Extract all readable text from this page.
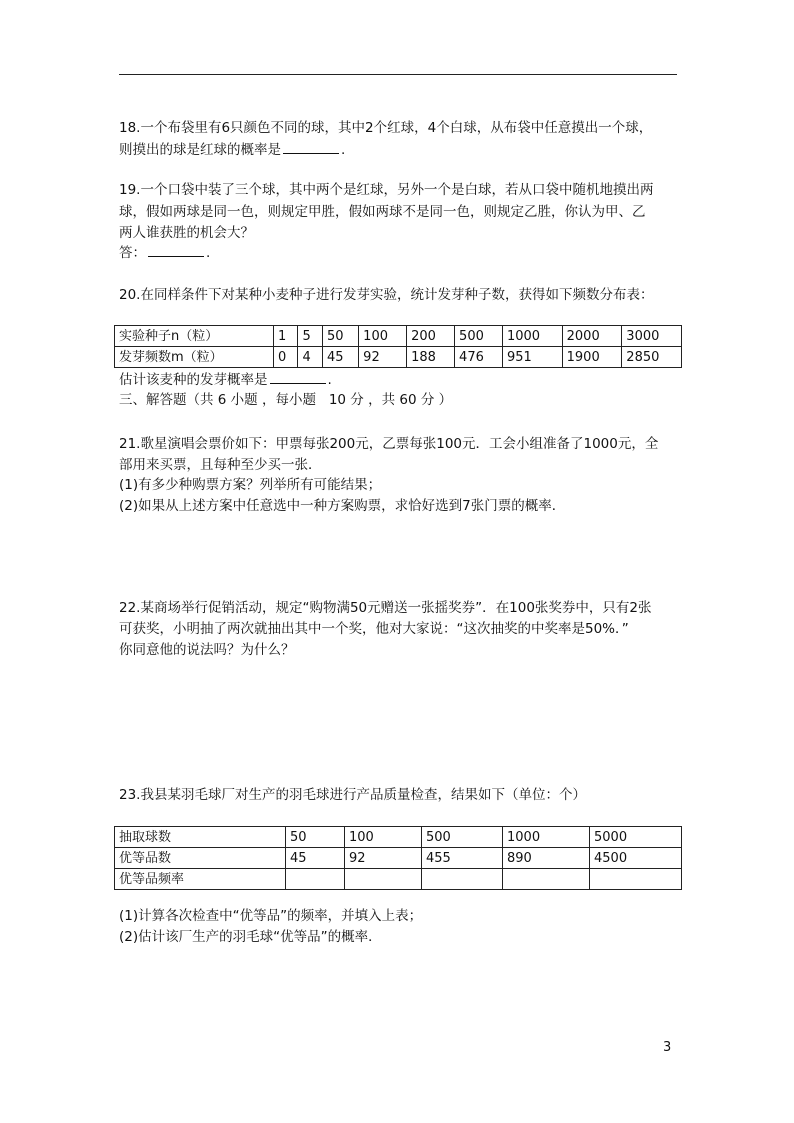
18.一个布袋里有6只颜色不同的球，其中2个红球，4个白球，从布袋中任意摸出一个球，
则摸出的球是红球的概率是	.
19.一个口袋中装了三个球，其中两个是红球，另外一个是白球，若从口袋中随机地摸出两
球，假如两球是同一色，则规定甲胜，假如两球不是同一色，则规定乙胜，你认为甲、乙
两人谁获胜的机会大？
答：	.
20.在同样条件下对某种小麦种子进行发芽实验，统计发芽种子数，获得如下频数分布表：
实验种子n（粒）	1	5	50	100	200	500	1000	2000	3000
发芽频数m（粒）	0	4	45	92	188	476	951	1900	2850
估计该麦种的发芽概率是	.
三、解答题（共 6 小题 ，每小题   10 分 ，共 60 分 ）
21.歌星演唱会票价如下：甲票每张200元，乙票每张100元．工会小组准备了1000元，全
部用来买票，且每种至少买一张．
(1)有多少种购票方案？列举所有可能结果；
(2)如果从上述方案中任意选中一种方案购票，求恰好选到7张门票的概率．
22.某商场举行促销活动，规定“购物满50元赠送一张摇奖券”．在100张奖券中，只有2张
可获奖，小明抽了两次就抽出其中一个奖，他对大家说：“这次抽奖的中奖率是50%．”
你同意他的说法吗？为什么？
23.我县某羽毛球厂对生产的羽毛球进行产品质量检查，结果如下（单位：个）
抽取球数	50	100	500	1000	5000
优等品数	45	92	455	890	4500
优等品频率					
(1)计算各次检查中“优等品”的频率，并填入上表；
(2)估计该厂生产的羽毛球“优等品”的概率．
3
